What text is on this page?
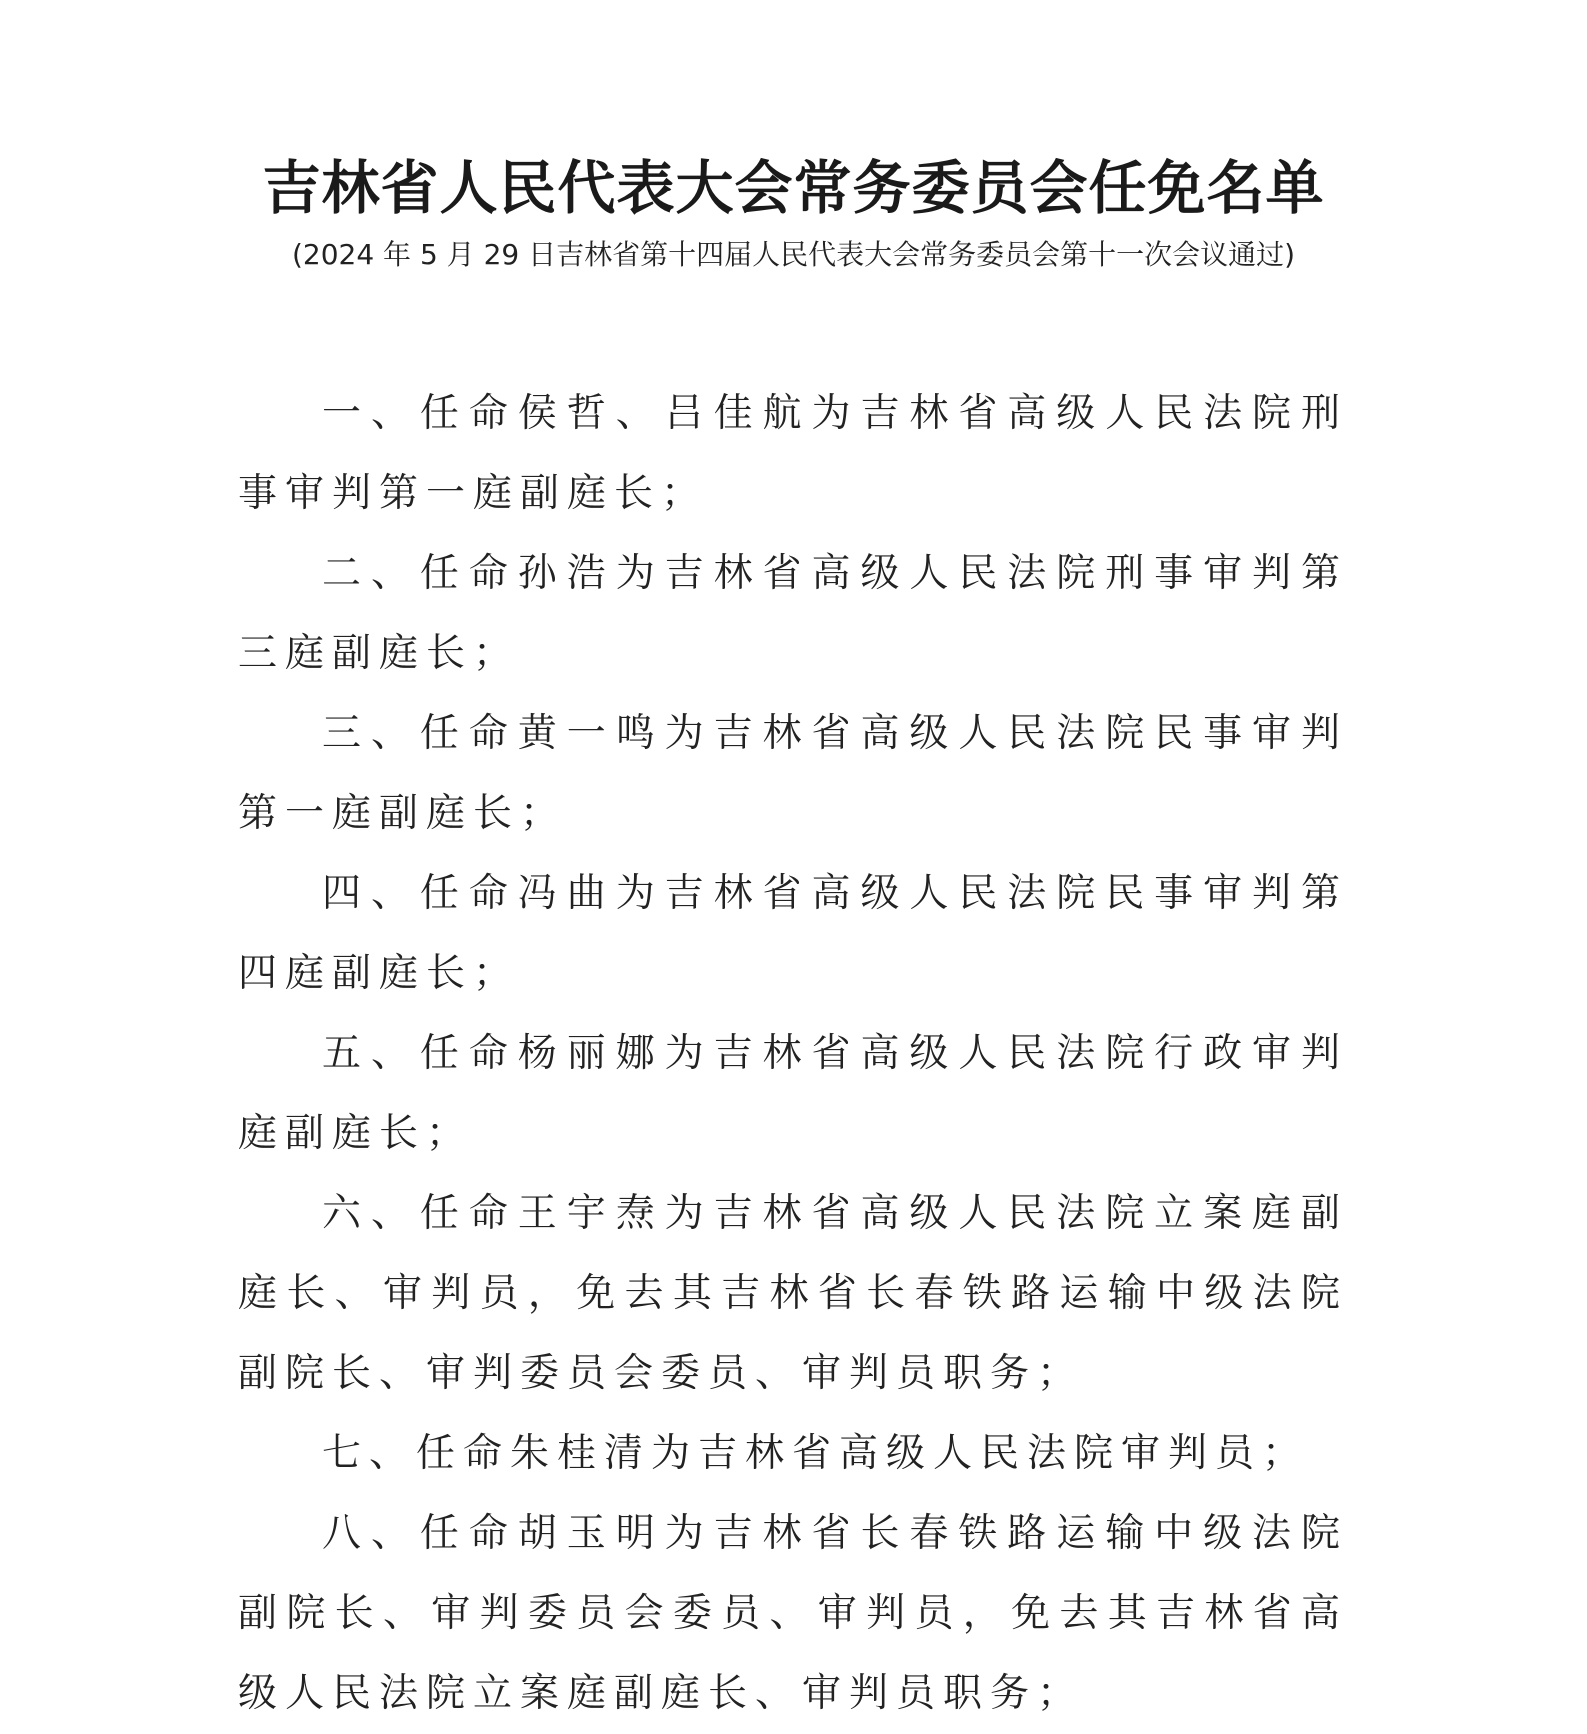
吉林省人民代表大会常务委员会任免名单
(2024 年 5 月 29 日吉林省第十四届人民代表大会常务委员会第十一次会议通过)

一、任命侯哲、吕佳航为吉林省高级人民法院刑事审判第一庭副庭长；

二、任命孙浩为吉林省高级人民法院刑事审判第三庭副庭长；

三、任命黄一鸣为吉林省高级人民法院民事审判第一庭副庭长；

四、任命冯曲为吉林省高级人民法院民事审判第四庭副庭长；

五、任命杨丽娜为吉林省高级人民法院行政审判庭副庭长；

六、任命王宇焘为吉林省高级人民法院立案庭副庭长、审判员，免去其吉林省长春铁路运输中级法院副院长、审判委员会委员、审判员职务；

七、任命朱桂清为吉林省高级人民法院审判员；

八、任命胡玉明为吉林省长春铁路运输中级法院副院长、审判委员会委员、审判员，免去其吉林省高级人民法院立案庭副庭长、审判员职务；
